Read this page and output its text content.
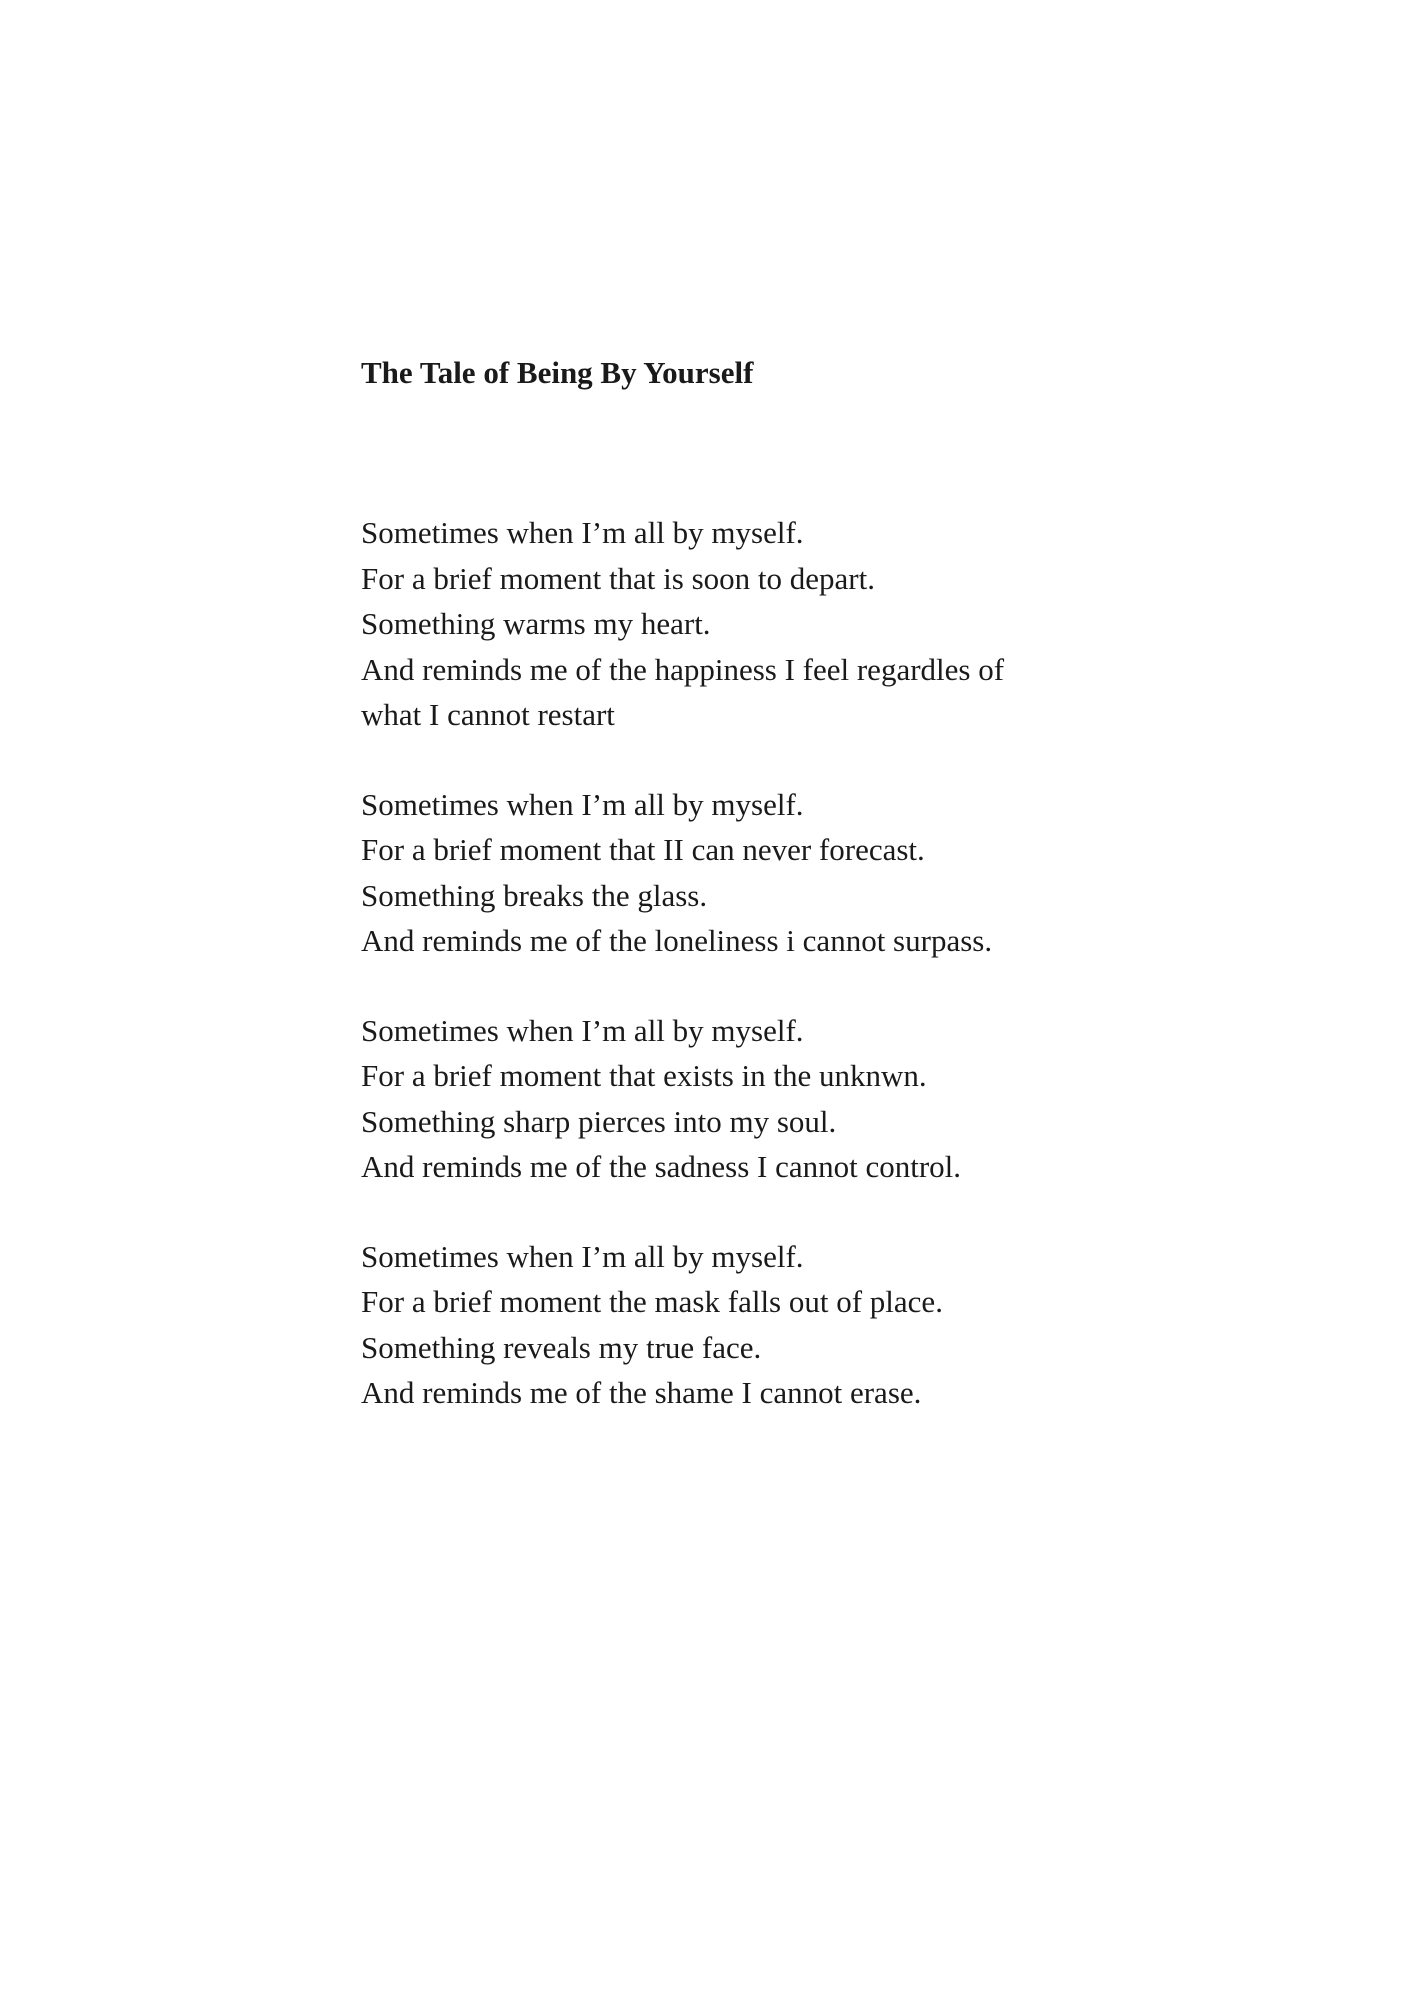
The Tale of Being By Yourself
Sometimes when I’m all by myself.
For a brief moment that is soon to depart.
Something warms my heart.
And reminds me of the happiness I feel regardles of
what I cannot restart
Sometimes when I’m all by myself.
For a brief moment that II can never forecast.
Something breaks the glass.
And reminds me of the loneliness i cannot surpass.
Sometimes when I’m all by myself.
For a brief moment that exists in the unknwn.
Something sharp pierces into my soul.
And reminds me of the sadness I cannot control.
Sometimes when I’m all by myself.
For a brief moment the mask falls out of place.
Something reveals my true face.
And reminds me of the shame I cannot erase.
